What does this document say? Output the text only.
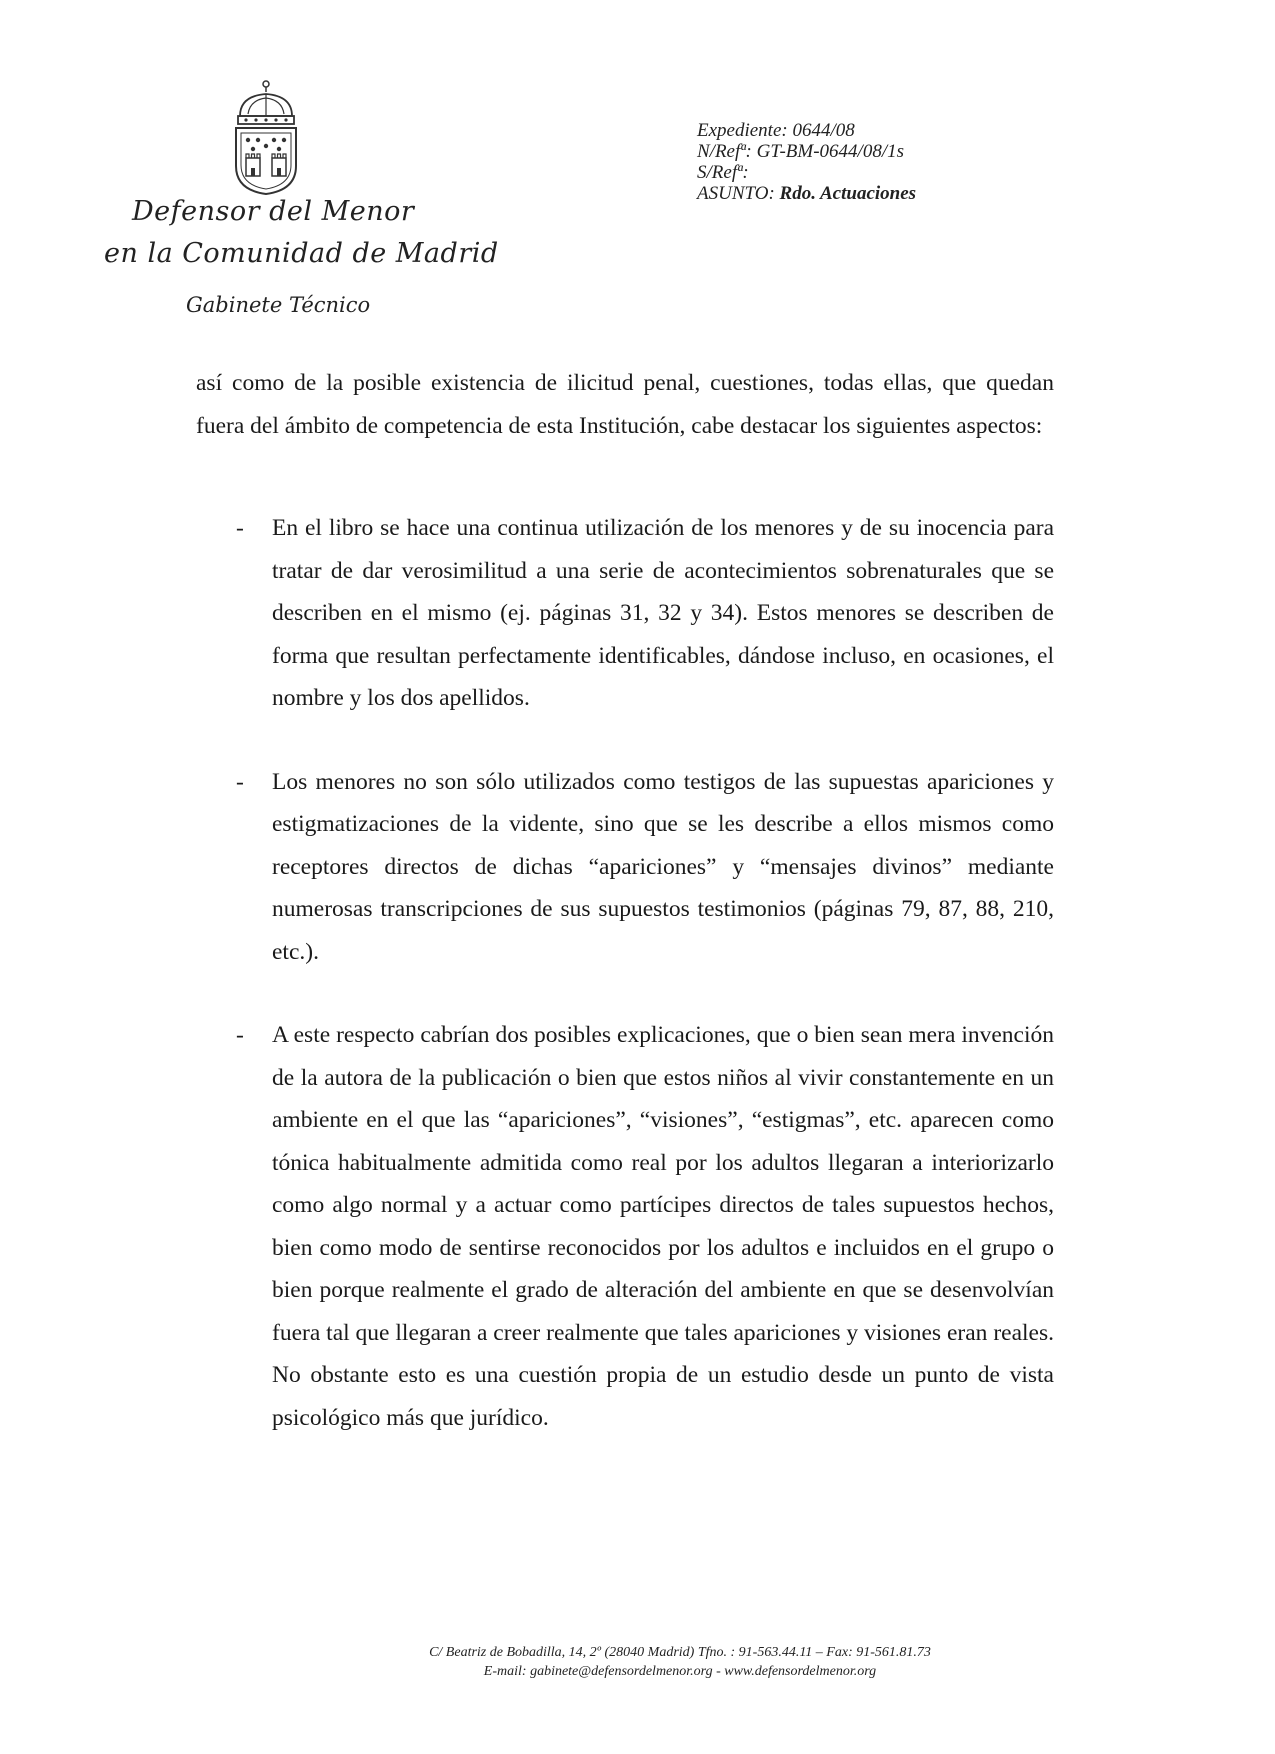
Defensor del Menor
en la Comunidad de Madrid
Gabinete Técnico
Expediente: 0644/08
N/Refª: GT-BM-0644/08/1s
S/Refª:
ASUNTO: Rdo. Actuaciones

así como de la posible existencia de ilicitud penal, cuestiones, todas ellas, que quedan fuera del ámbito de competencia de esta Institución, cabe destacar los siguientes aspectos:

- En el libro se hace una continua utilización de los menores y de su inocencia para tratar de dar verosimilitud a una serie de acontecimientos sobrenaturales que se describen en el mismo (ej. páginas 31, 32 y 34). Estos menores se describen de forma que resultan perfectamente identificables, dándose incluso, en ocasiones, el nombre y los dos apellidos.
- Los menores no son sólo utilizados como testigos de las supuestas apariciones y estigmatizaciones de la vidente, sino que se les describe a ellos mismos como receptores directos de dichas “apariciones” y “mensajes divinos” mediante numerosas transcripciones de sus supuestos testimonios (páginas 79, 87, 88, 210, etc.).
- A este respecto cabrían dos posibles explicaciones, que o bien sean mera invención de la autora de la publicación o bien que estos niños al vivir constantemente en un ambiente en el que las “apariciones”, “visiones”, “estigmas”, etc. aparecen como tónica habitualmente admitida como real por los adultos llegaran a interiorizarlo como algo normal y a actuar como partícipes directos de tales supuestos hechos, bien como modo de sentirse reconocidos por los adultos e incluidos en el grupo o bien porque realmente el grado de alteración del ambiente en que se desenvolvían fuera tal que llegaran a creer realmente que tales apariciones y visiones eran reales. No obstante esto es una cuestión propia de un estudio desde un punto de vista psicológico más que jurídico.
C/ Beatriz de Bobadilla, 14, 2º (28040 Madrid) Tfno. : 91-563.44.11 – Fax: 91-561.81.73
E-mail: gabinete@defensordelmenor.org - www.defensordelmenor.org
